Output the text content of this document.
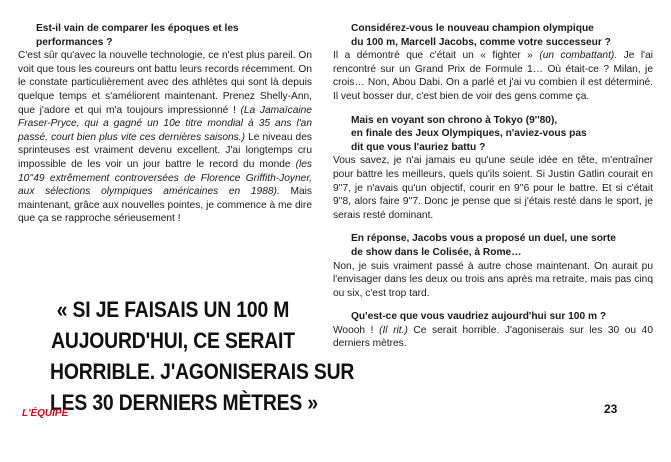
Est-il vain de comparer les époques et les
performances ?

C'est sûr qu'avec la nouvelle technologie, ce n'est plus pareil. On voit que tous les coureurs ont battu leurs records récemment. On le constate particulièrement avec des athlètes qui sont là depuis quelque temps et s'améliorent maintenant. Prenez Shelly-Ann, que j'adore et qui m'a toujours impressionné ! (La Jamaïcaine Fraser-Pryce, qui a gagné un 10e titre mondial à 35 ans l'an passé, court bien plus vite ces dernières saisons.) Le niveau des sprinteuses est vraiment devenu excellent. J'ai longtemps cru impossible de les voir un jour battre le record du monde (les 10''49 extrêmement controversées de Florence Griffith-Joyner, aux sélections olympiques américaines en 1988). Mais maintenant, grâce aux nouvelles pointes, je commence à me dire que ça se rapproche sérieusement !

« SI JE FAISAIS UN 100 M
AUJOURD'HUI, CE SERAIT
HORRIBLE. J'AGONISERAIS SUR
LES 30 DERNIERS MÈTRES »

Considérez-vous le nouveau champion olympique
du 100 m, Marcell Jacobs, comme votre successeur ?

Il a démontré que c'était un « fighter » (un combattant). Je l'ai rencontré sur un Grand Prix de Formule 1… Où était-ce ? Milan, je crois… Non, Abou Dabi. On a parlé et j'ai vu combien il est déterminé. Il veut bosser dur, c'est bien de voir des gens comme ça.

Mais en voyant son chrono à Tokyo (9''80),
en finale des Jeux Olympiques, n'aviez-vous pas
dit que vous l'auriez battu ?

Vous savez, je n'ai jamais eu qu'une seule idée en tête, m'entraîner pour battre les meilleurs, quels qu'ils soient. Si Justin Gatlin courait en 9''7, je n'avais qu'un objectif, courir en 9''6 pour le battre. Et si c'était 9''8, alors faire 9''7. Donc je pense que si j'étais resté dans le sport, je serais resté dominant.

En réponse, Jacobs vous a proposé un duel, une sorte
de show dans le Colisée, à Rome…

Non, je suis vraiment passé à autre chose maintenant. On aurait pu l'envisager dans les deux ou trois ans après ma retraite, mais pas cinq ou six, c'est trop tard.

Qu'est-ce que vous vaudriez aujourd'hui sur 100 m ?

Woooh ! (Il rit.) Ce serait horrible. J'agoniserais sur les 30 ou 40 derniers mètres.

L'ÉQUIPE	23
